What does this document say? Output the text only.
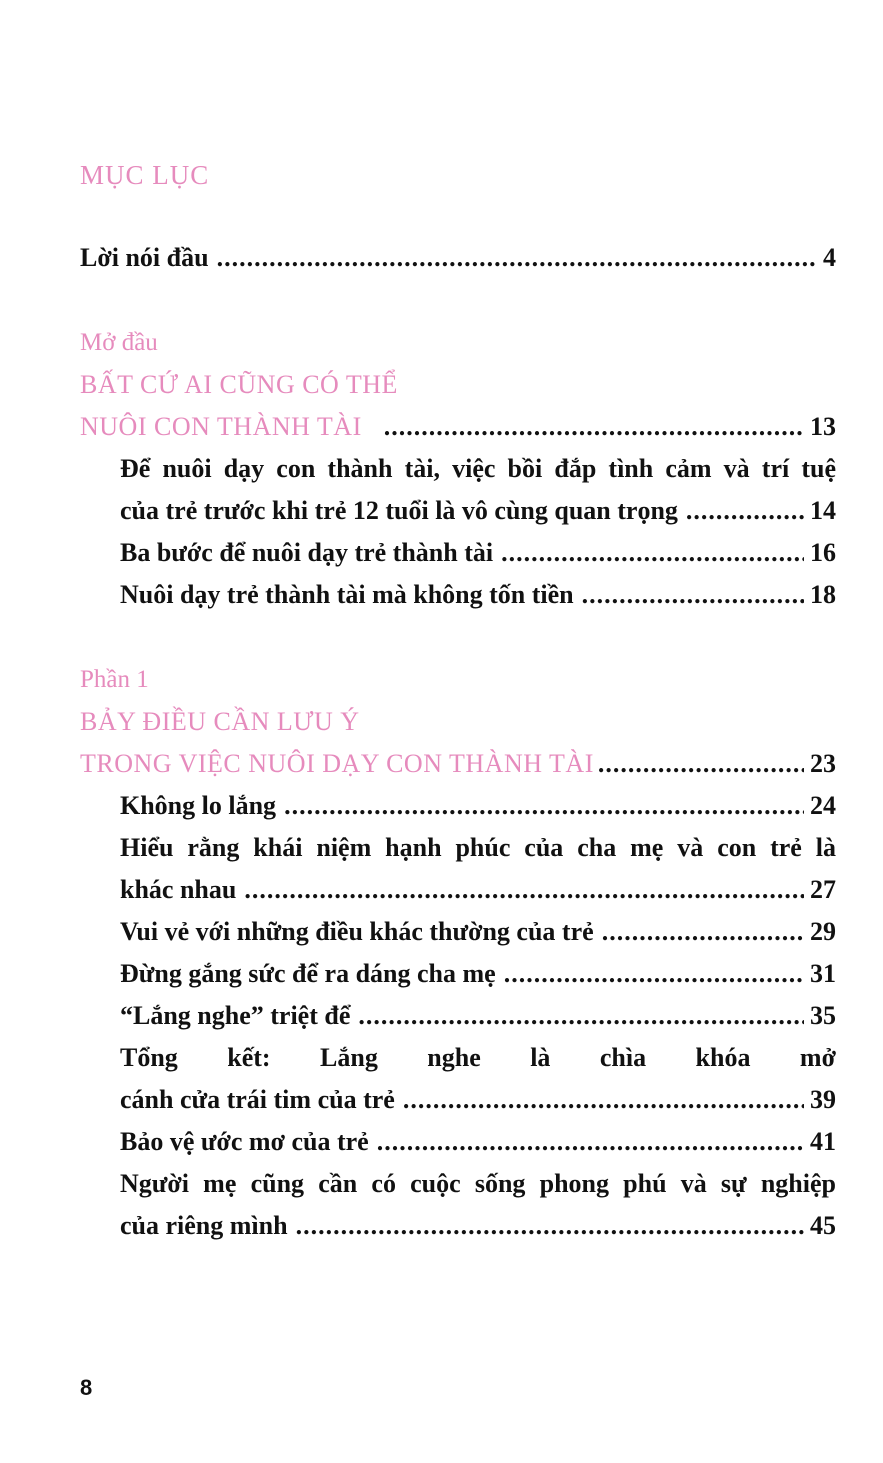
MỤC LỤC
Lời nói đầu .....	4
Mở đầu
BẤT CỨ AI CŨNG CÓ THỂ
NUÔI CON THÀNH TÀI .....	13
Để nuôi dạy con thành tài, việc bồi đắp tình cảm và trí tuệ
của trẻ trước khi trẻ 12 tuổi là vô cùng quan trọng .....	14
Ba bước để nuôi dạy trẻ thành tài .....	16
Nuôi dạy trẻ thành tài mà không tốn tiền .....	18
Phần 1
BẢY ĐIỀU CẦN LƯU Ý
TRONG VIỆC NUÔI DẠY CON THÀNH TÀI .....	23
Không lo lắng .....	24
Hiểu rằng khái niệm hạnh phúc của cha mẹ và con trẻ là
khác nhau .....	27
Vui vẻ với những điều khác thường của trẻ .....	29
Đừng gắng sức để ra dáng cha mẹ .....	31
“Lắng nghe” triệt để .....	35
Tổng kết: Lắng nghe là chìa khóa mở
cánh cửa trái tim của trẻ .....	39
Bảo vệ ước mơ của trẻ .....	41
Người mẹ cũng cần có cuộc sống phong phú và sự nghiệp
của riêng mình .....	45
8
